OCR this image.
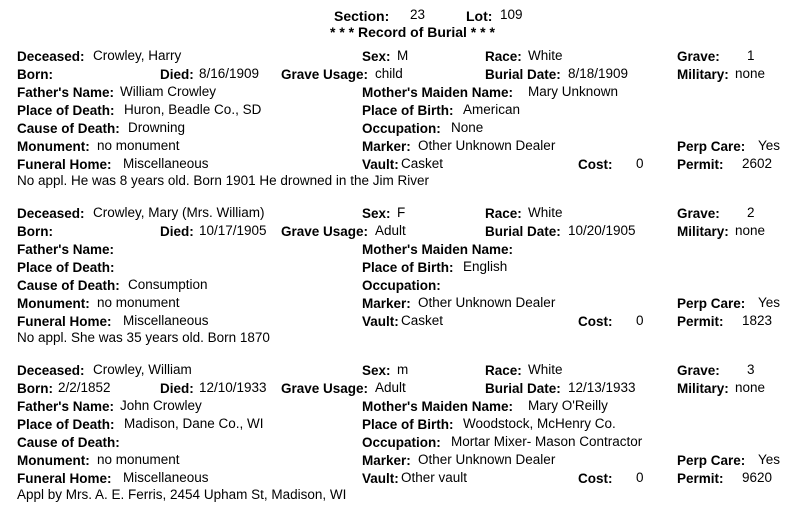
Section: 23	Lot: 109
* * * Record of Burial * * *
Deceased: Crowley, Harry	Sex: M	Race: White	Grave: 1
Born:	Died: 8/16/1909 Grave Usage: child	Burial Date: 8/18/1909	Military: none
Father's Name: William Crowley	Mother's Maiden Name: Mary Unknown
Place of Death: Huron, Beadle Co., SD	Place of Birth: American
Cause of Death: Drowning	Occupation: None
Monument: no monument	Marker: Other Unknown Dealer	Perp Care: Yes
Funeral Home: Miscellaneous	Vault: Casket	Cost: 0 Permit: 2602
No appl. He was 8 years old. Born 1901 He drowned in the Jim River
Deceased: Crowley, Mary (Mrs. William)	Sex: F	Race: White	Grave: 2
Born:	Died: 10/17/1905 Grave Usage: Adult	Burial Date: 10/20/1905	Military: none
Father's Name:	Mother's Maiden Name:
Place of Death:	Place of Birth: English
Cause of Death: Consumption	Occupation:
Monument: no monument	Marker: Other Unknown Dealer	Perp Care: Yes
Funeral Home: Miscellaneous	Vault: Casket	Cost: 0 Permit: 1823
No appl. She was 35 years old. Born 1870
Deceased: Crowley, William	Sex: m	Race: White	Grave: 3
Born: 2/2/1852	Died: 12/10/1933 Grave Usage: Adult	Burial Date: 12/13/1933	Military: none
Father's Name: John Crowley	Mother's Maiden Name: Mary O'Reilly
Place of Death: Madison, Dane Co., WI	Place of Birth: Woodstock, McHenry Co.
Cause of Death:	Occupation: Mortar Mixer- Mason Contractor
Monument: no monument	Marker: Other Unknown Dealer	Perp Care: Yes
Funeral Home: Miscellaneous	Vault: Other vault	Cost: 0 Permit: 9620
Appl by Mrs. A. E. Ferris, 2454 Upham St, Madison, WI
